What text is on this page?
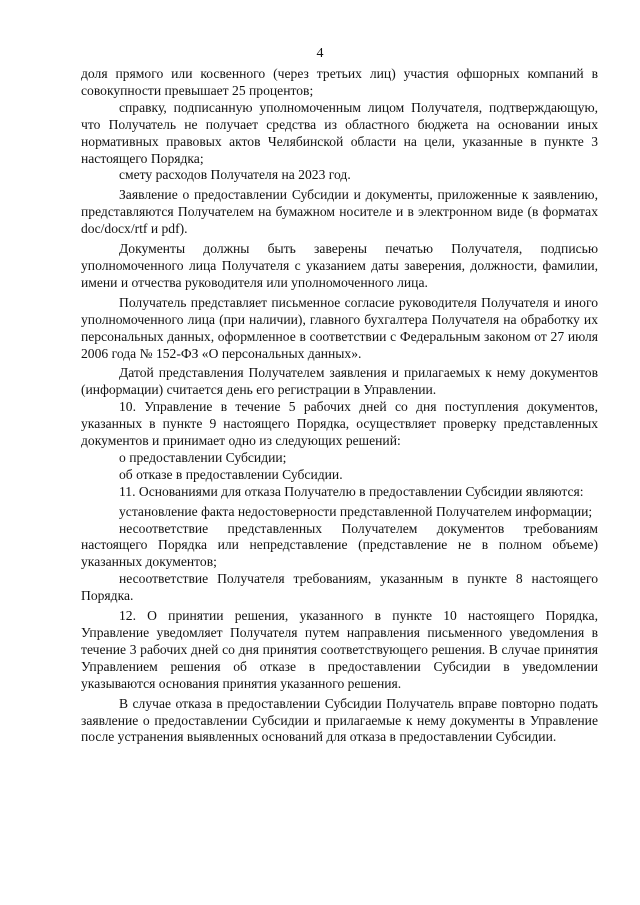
4

доля прямого или косвенного (через третьих лиц) участия офшорных компаний в совокупности превышает 25 процентов;

справку, подписанную уполномоченным лицом Получателя, подтверждающую, что Получатель не получает средства из областного бюджета на основании иных нормативных правовых актов Челябинской области на цели, указанные в пункте 3 настоящего Порядка;

смету расходов Получателя на 2023 год.

Заявление о предоставлении Субсидии и документы, приложенные к заявлению, представляются Получателем на бумажном носителе и в электронном виде (в форматах doc/docx/rtf и pdf).

Документы должны быть заверены печатью Получателя, подписью уполномоченного лица Получателя с указанием даты заверения, должности, фамилии, имени и отчества руководителя или уполномоченного лица.

Получатель представляет письменное согласие руководителя Получателя и иного уполномоченного лица (при наличии), главного бухгалтера Получателя на обработку их персональных данных, оформленное в соответствии с Федеральным законом от 27 июля 2006 года № 152-ФЗ «О персональных данных».

Датой представления Получателем заявления и прилагаемых к нему документов (информации) считается день его регистрации в Управлении.

10. Управление в течение 5 рабочих дней со дня поступления документов, указанных в пункте 9 настоящего Порядка, осуществляет проверку представленных документов и принимает одно из следующих решений:

о предоставлении Субсидии;

об отказе в предоставлении Субсидии.

11. Основаниями для отказа Получателю в предоставлении Субсидии являются:

установление факта недостоверности представленной Получателем информации;

несоответствие представленных Получателем документов требованиям настоящего Порядка или непредставление (представление не в полном объеме) указанных документов;

несоответствие Получателя требованиям, указанным в пункте 8 настоящего Порядка.

12. О принятии решения, указанного в пункте 10 настоящего Порядка, Управление уведомляет Получателя путем направления письменного уведомления в течение 3 рабочих дней со дня принятия соответствующего решения. В случае принятия Управлением решения об отказе в предоставлении Субсидии в уведомлении указываются основания принятия указанного решения.

В случае отказа в предоставлении Субсидии Получатель вправе повторно подать заявление о предоставлении Субсидии и прилагаемые к нему документы в Управление после устранения выявленных оснований для отказа в предоставлении Субсидии.
